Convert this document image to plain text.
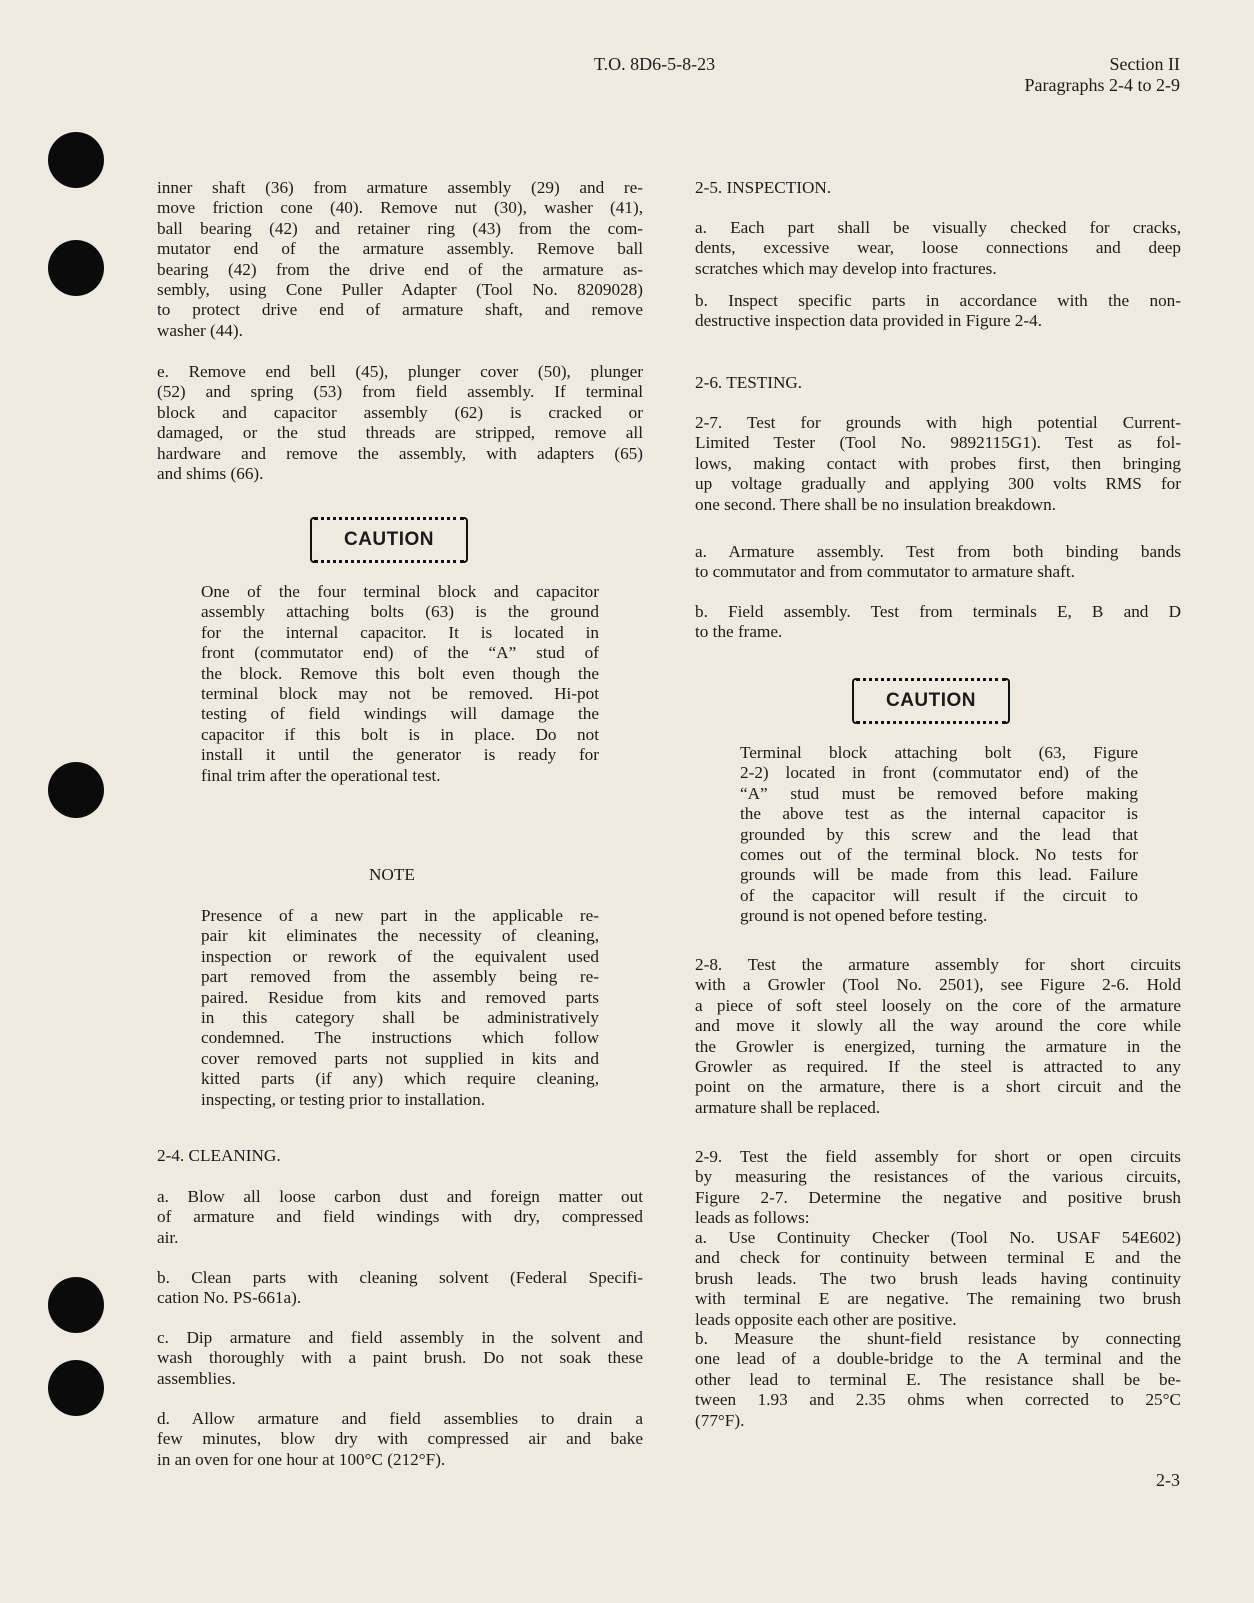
T.O. 8D6-5-8-23	Section II
Paragraphs 2-4 to 2-9
inner shaft (36) from armature assembly (29) and re-
move friction cone (40). Remove nut (30), washer (41),
ball bearing (42) and retainer ring (43) from the com-
mutator end of the armature assembly. Remove ball
bearing (42) from the drive end of the armature as-
sembly, using Cone Puller Adapter (Tool No. 8209028)
to protect drive end of armature shaft, and remove
washer (44).
e. Remove end bell (45), plunger cover (50), plunger
(52) and spring (53) from field assembly. If terminal
block and capacitor assembly (62) is cracked or
damaged, or the stud threads are stripped, remove all
hardware and remove the assembly, with adapters (65)
and shims (66).
CAUTION
One of the four terminal block and capacitor
assembly attaching bolts (63) is the ground
for the internal capacitor. It is located in
front (commutator end) of the “A” stud of
the block. Remove this bolt even though the
terminal block may not be removed. Hi-pot
testing of field windings will damage the
capacitor if this bolt is in place. Do not
install it until the generator is ready for
final trim after the operational test.
NOTE
Presence of a new part in the applicable re-
pair kit eliminates the necessity of cleaning,
inspection or rework of the equivalent used
part removed from the assembly being re-
paired. Residue from kits and removed parts
in this category shall be administratively
condemned. The instructions which follow
cover removed parts not supplied in kits and
kitted parts (if any) which require cleaning,
inspecting, or testing prior to installation.
2-4. CLEANING.
a. Blow all loose carbon dust and foreign matter out
of armature and field windings with dry, compressed
air.
b. Clean parts with cleaning solvent (Federal Specifi-
cation No. PS-661a).
c. Dip armature and field assembly in the solvent and
wash thoroughly with a paint brush. Do not soak these
assemblies.
d. Allow armature and field assemblies to drain a
few minutes, blow dry with compressed air and bake
in an oven for one hour at 100°C (212°F).
2-5. INSPECTION.
a. Each part shall be visually checked for cracks,
dents, excessive wear, loose connections and deep
scratches which may develop into fractures.
b. Inspect specific parts in accordance with the non-
destructive inspection data provided in Figure 2-4.
2-6. TESTING.
2-7. Test for grounds with high potential Current-
Limited Tester (Tool No. 9892115G1). Test as fol-
lows, making contact with probes first, then bringing
up voltage gradually and applying 300 volts RMS for
one second. There shall be no insulation breakdown.
a. Armature assembly. Test from both binding bands
to commutator and from commutator to armature shaft.
b. Field assembly. Test from terminals E, B and D
to the frame.
CAUTION
Terminal block attaching bolt (63, Figure
2-2) located in front (commutator end) of the
“A” stud must be removed before making
the above test as the internal capacitor is
grounded by this screw and the lead that
comes out of the terminal block. No tests for
grounds will be made from this lead. Failure
of the capacitor will result if the circuit to
ground is not opened before testing.
2-8. Test the armature assembly for short circuits
with a Growler (Tool No. 2501), see Figure 2-6. Hold
a piece of soft steel loosely on the core of the armature
and move it slowly all the way around the core while
the Growler is energized, turning the armature in the
Growler as required. If the steel is attracted to any
point on the armature, there is a short circuit and the
armature shall be replaced.
2-9. Test the field assembly for short or open circuits
by measuring the resistances of the various circuits,
Figure 2-7. Determine the negative and positive brush
leads as follows:
a. Use Continuity Checker (Tool No. USAF 54E602)
and check for continuity between terminal E and the
brush leads. The two brush leads having continuity
with terminal E are negative. The remaining two brush
leads opposite each other are positive.
b. Measure the shunt-field resistance by connecting
one lead of a double-bridge to the A terminal and the
other lead to terminal E. The resistance shall be be-
tween 1.93 and 2.35 ohms when corrected to 25°C
(77°F).
2-3
